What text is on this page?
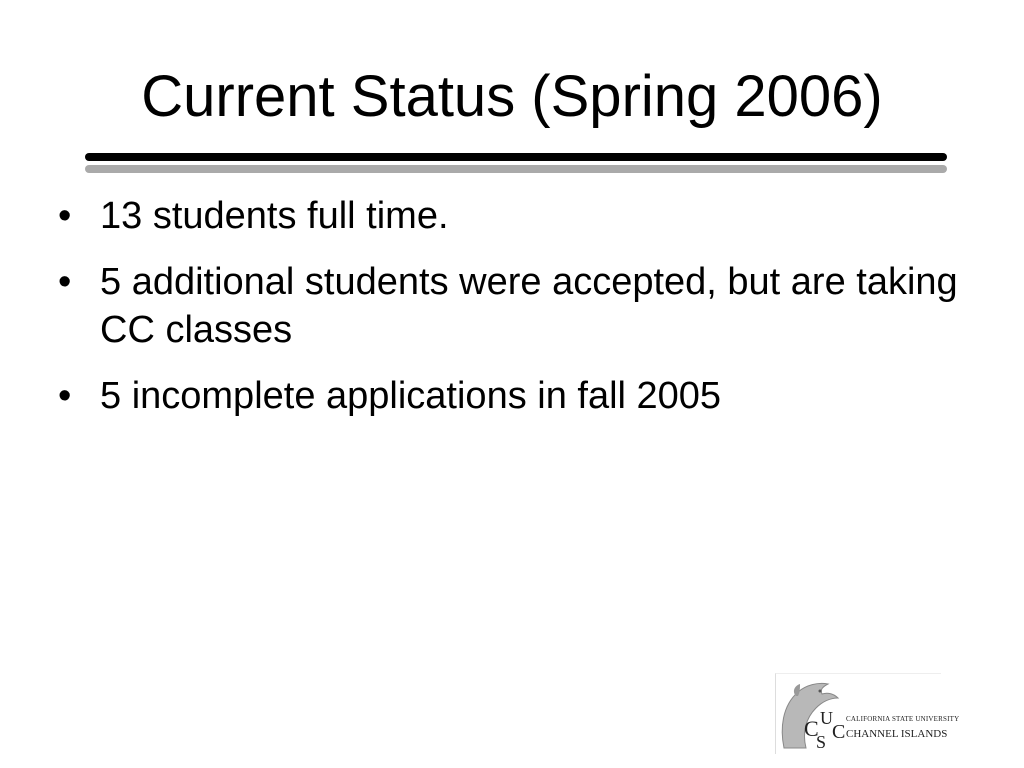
Current Status (Spring 2006)
• 13 students full time.
• 5 additional students were accepted, but are taking CC classes
• 5 incomplete applications in fall 2005
C U
S C
CALIFORNIA STATE UNIVERSITY
CHANNEL ISLANDS
